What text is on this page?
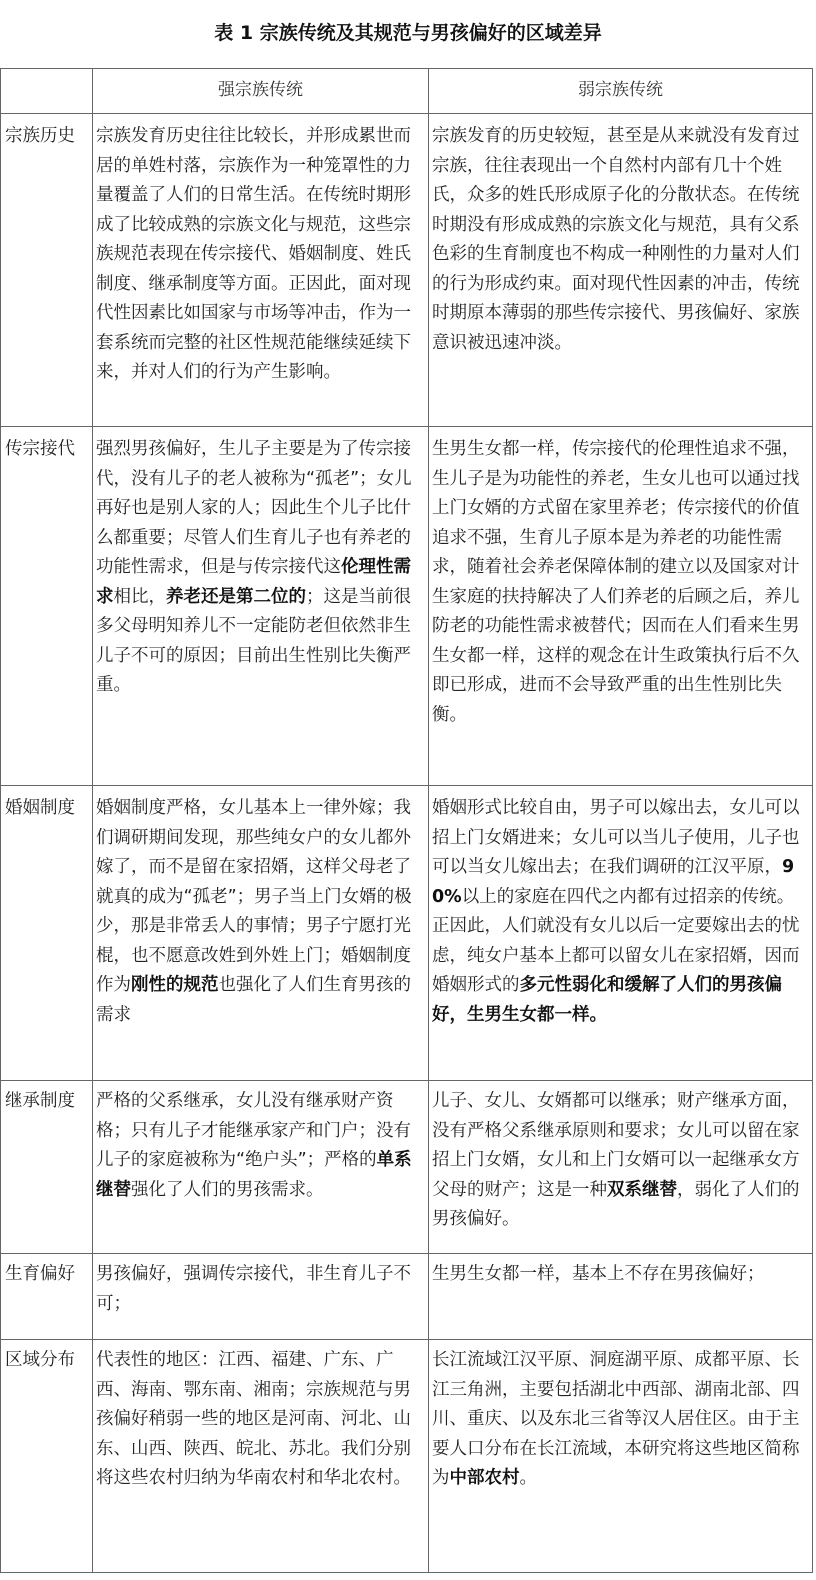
表 1 宗族传统及其规范与男孩偏好的区域差异
	强宗族传统	弱宗族传统
宗族历史	宗族发育历史往往比较长，并形成累世而居的单姓村落，宗族作为一种笼罩性的力量覆盖了人们的日常生活。在传统时期形成了比较成熟的宗族文化与规范，这些宗族规范表现在传宗接代、婚姻制度、姓氏制度、继承制度等方面。正因此，面对现代性因素比如国家与市场等冲击，作为一套系统而完整的社区性规范能继续延续下来，并对人们的行为产生影响。	宗族发育的历史较短，甚至是从来就没有发育过宗族，往往表现出一个自然村内部有几十个姓氏，众多的姓氏形成原子化的分散状态。在传统时期没有形成成熟的宗族文化与规范，具有父系色彩的生育制度也不构成一种刚性的力量对人们的行为形成约束。面对现代性因素的冲击，传统时期原本薄弱的那些传宗接代、男孩偏好、家族意识被迅速冲淡。
传宗接代	强烈男孩偏好，生儿子主要是为了传宗接代，没有儿子的老人被称为“孤老”；女儿再好也是别人家的人；因此生个儿子比什么都重要；尽管人们生育儿子也有养老的功能性需求，但是与传宗接代这伦理性需求相比，养老还是第二位的；这是当前很多父母明知养儿不一定能防老但依然非生儿子不可的原因；目前出生性别比失衡严重。	生男生女都一样，传宗接代的伦理性追求不强，生儿子是为功能性的养老，生女儿也可以通过找上门女婿的方式留在家里养老；传宗接代的价值追求不强，生育儿子原本是为养老的功能性需求，随着社会养老保障体制的建立以及国家对计生家庭的扶持解决了人们养老的后顾之后，养儿防老的功能性需求被替代；因而在人们看来生男生女都一样，这样的观念在计生政策执行后不久即已形成，进而不会导致严重的出生性别比失衡。
婚姻制度	婚姻制度严格，女儿基本上一律外嫁；我们调研期间发现，那些纯女户的女儿都外嫁了，而不是留在家招婿，这样父母老了就真的成为“孤老”；男子当上门女婿的极少，那是非常丢人的事情；男子宁愿打光棍，也不愿意改姓到外姓上门；婚姻制度作为刚性的规范也强化了人们生育男孩的需求	婚姻形式比较自由，男子可以嫁出去，女儿可以招上门女婿进来；女儿可以当儿子使用，儿子也可以当女儿嫁出去；在我们调研的江汉平原，90%以上的家庭在四代之内都有过招亲的传统。正因此，人们就没有女儿以后一定要嫁出去的忧虑，纯女户基本上都可以留女儿在家招婿，因而婚姻形式的多元性弱化和缓解了人们的男孩偏好，生男生女都一样。
继承制度	严格的父系继承，女儿没有继承财产资格；只有儿子才能继承家产和门户；没有儿子的家庭被称为“绝户头”；严格的单系继替强化了人们的男孩需求。	儿子、女儿、女婿都可以继承；财产继承方面，没有严格父系继承原则和要求；女儿可以留在家招上门女婿，女儿和上门女婿可以一起继承女方父母的财产；这是一种双系继替，弱化了人们的男孩偏好。
生育偏好	男孩偏好，强调传宗接代，非生育儿子不可；	生男生女都一样，基本上不存在男孩偏好；
区域分布	代表性的地区：江西、福建、广东、广西、海南、鄂东南、湘南；宗族规范与男孩偏好稍弱一些的地区是河南、河北、山东、山西、陕西、皖北、苏北。我们分别将这些农村归纳为华南农村和华北农村。	长江流域江汉平原、洞庭湖平原、成都平原、长江三角洲，主要包括湖北中西部、湖南北部、四川、重庆、以及东北三省等汉人居住区。由于主要人口分布在长江流域，本研究将这些地区简称为中部农村。
